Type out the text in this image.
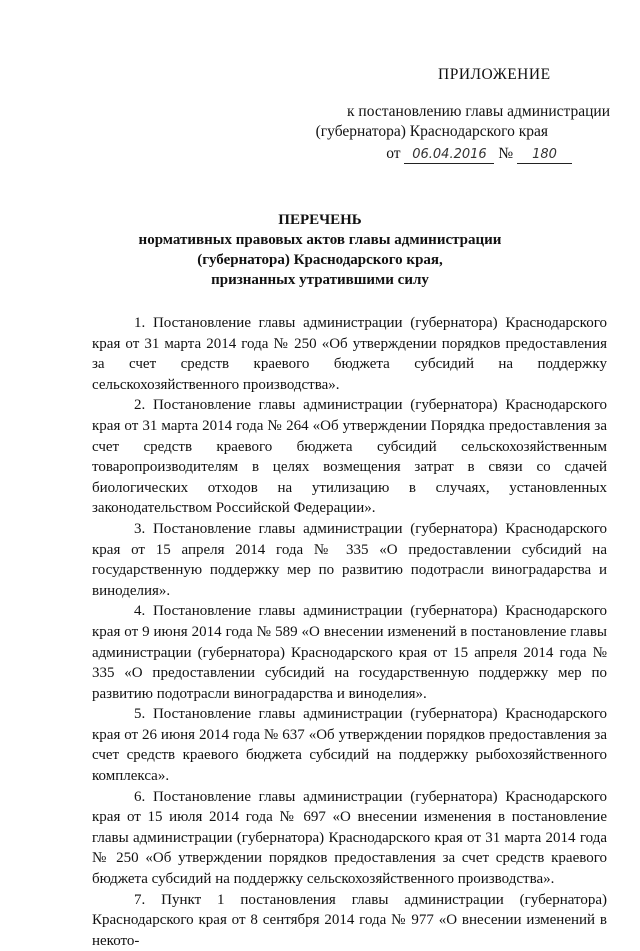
ПРИЛОЖЕНИЕ
к постановлению главы администрации
(губернатора) Краснодарского края
от 06.04.2016 № 180
ПЕРЕЧЕНЬ
нормативных правовых актов главы администрации
(губернатора) Краснодарского края,
признанных утратившими силу

1. Постановление главы администрации (губернатора) Краснодарского края от 31 марта 2014 года № 250 «Об утверждении порядков предоставления за счет средств краевого бюджета субсидий на поддержку сельскохозяйственного производства».

2. Постановление главы администрации (губернатора) Краснодарского края от 31 марта 2014 года № 264 «Об утверждении Порядка предоставления за счет средств краевого бюджета субсидий сельскохозяйственным товаропроизводителям в целях возмещения затрат в связи со сдачей биологических отходов на утилизацию в случаях, установленных законодательством Российской Федерации».

3. Постановление главы администрации (губернатора) Краснодарского края от 15 апреля 2014 года № 335 «О предоставлении субсидий на государственную поддержку мер по развитию подотрасли виноградарства и виноделия».

4. Постановление главы администрации (губернатора) Краснодарского края от 9 июня 2014 года № 589 «О внесении изменений в постановление главы администрации (губернатора) Краснодарского края от 15 апреля 2014 года № 335 «О предоставлении субсидий на государственную поддержку мер по развитию подотрасли виноградарства и виноделия».

5. Постановление главы администрации (губернатора) Краснодарского края от 26 июня 2014 года № 637 «Об утверждении порядков предоставления за счет средств краевого бюджета субсидий на поддержку рыбохозяйственного комплекса».

6. Постановление главы администрации (губернатора) Краснодарского края от 15 июля 2014 года № 697 «О внесении изменения в постановление главы администрации (губернатора) Краснодарского края от 31 марта 2014 года № 250 «Об утверждении порядков предоставления за счет средств краевого бюджета субсидий на поддержку сельскохозяйственного производства».

7. Пункт 1 постановления главы администрации (губернатора) Краснодарского края от 8 сентября 2014 года № 977 «О внесении изменений в некото-
